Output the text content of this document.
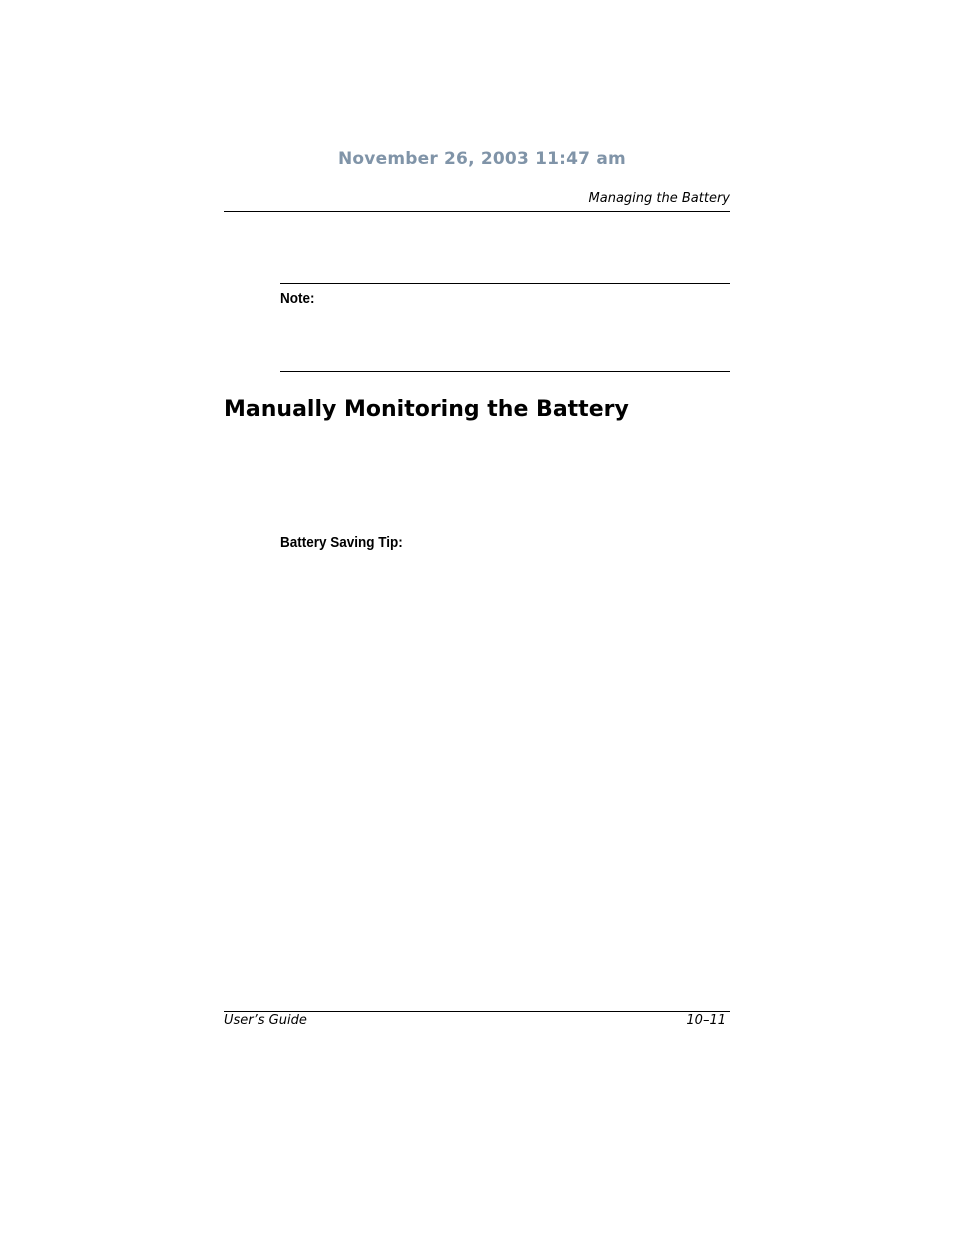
November 26, 2003 11:47 am
Managing the Battery
Note:
Manually Monitoring the Battery
Battery Saving Tip:
User’s Guide	10–11
